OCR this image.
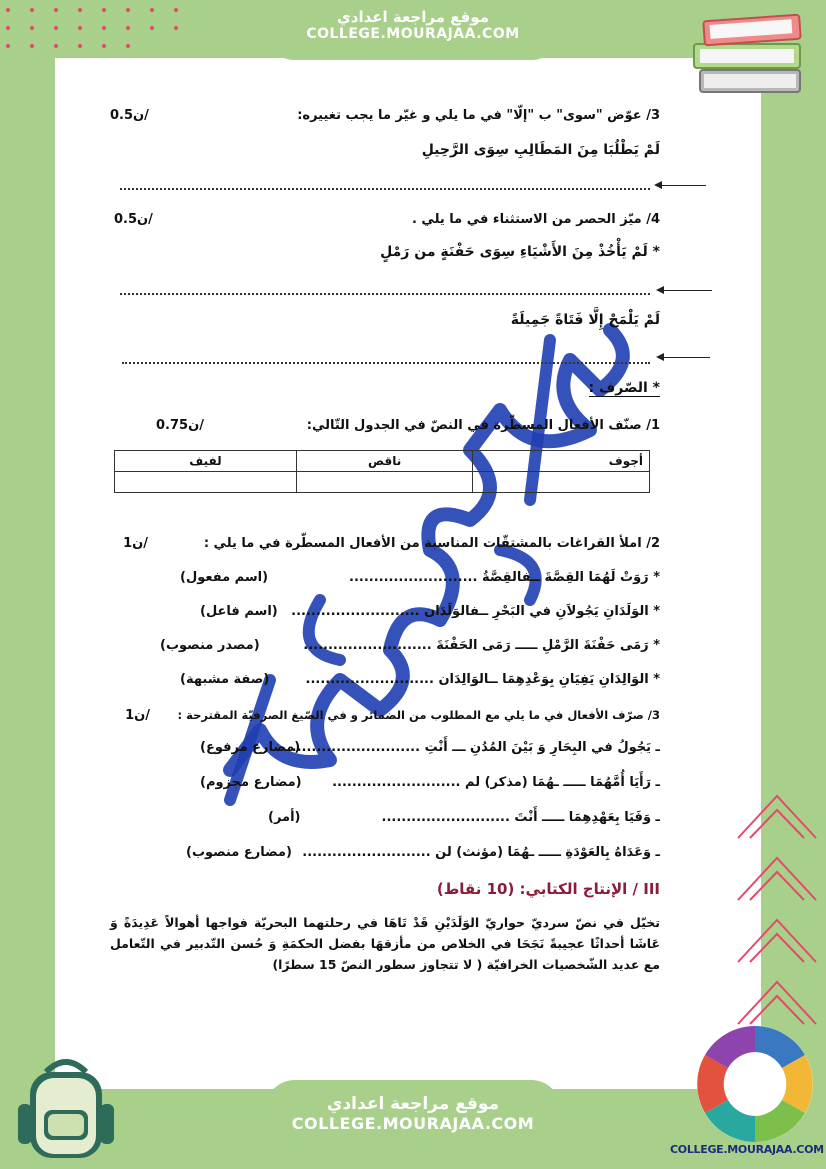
موقع مراجعة اعدادي
COLLEGE.MOURAJAA.COM
موقع مراجعة اعدادي
COLLEGE.MOURAJAA.COM
COLLEGE.MOURAJAA.COM
3/ عوّض "سوى" ب "إلّا" في ما يلي و غيّر ما يجب تغييره:
0.5ن/
لَمْ يَطْلُبَا مِنَ المَطَالِبِ سِوَى الرَّحِيلِ
4/ ميّز الحصر من الاستثناء في ما يلي .
0.5ن/
* لَمْ يَأْخُذْ مِنَ الأَشْيَاءِ سِوَى حَفْنَةٍ من رَمْلٍ
لَمْ يَلْمَحْ إِلَّا فَتَاةً جَمِيلَةً
* الصّرف :
1/ صنّف الأفعال المسطّرة في النصّ في الجدول التّالي:
0.75ن/
أجوف	ناقص	لفيف

2/ املأ القراغات بالمشتقّات المناسبة من الأفعال المسطّرة في ما يلي :
1ن/
* رَوَتْ لَهُمَا القِصَّةَ ــفالقِصَّةُ ..........................
(اسم مفعول)
* الوَلَدَانِ يَجُولاَنِ في البَحْرِ ــفالوَلَدَان ..........................
(اسم فاعل)
* رَمَى حَفْنَةَ الرَّمْلِ ـــــ رَمَى الحَفْنَةَ ..........................
(مصدر منصوب)
* الوَالِدَانِ يَفِيَانِ بِوَعْدِهِمَا ــالوَالِدَان ..........................
(صفة مشبهة)
3/ صرّف الأفعال في ما يلي مع المطلوب من الضمائر و في الصّيغ الصرفيّة المقترحة :
1ن/
ـ يَجُولُ في البِحَارِ وَ بَيْنَ المُدُنِ ـــ أَنْتِ ..........................
(مضارع مرفوع)
ـ رَأَيَا أُمَّهُمَا ـــــ ـهُمَا (مذكر) لم ..........................
(مضارع مجزوم)
ـ وَفَيَا بِعَهْدِهِمَا ـــــ أَنْتَ ..........................
(أمر)
ـ وَعَدَاهُ بِالعَوْدَةِ ـــــ ـهُمَا (مؤنث) لن ..........................
(مضارع منصوب)
III / الإنتاج الكتابي: (10 نقاط)
تخيّل في نصّ سرديّ حواريّ الوَلَدَيْنِ قَدْ تَاهَا في رحلتهما البحريّة فواجها أهوالاً عَدِيدَةً وَ عَاشَا أحداثًا عجيبةً نَجَحَا في الخلاص من مأزقهَا بفضل الحكمَةِ وَ حُسن التّدبير في التّعامل مع عديد الشّخصيات الخرافيّة ( لا تتجاوز سطور النصّ 15 سطرًا)
